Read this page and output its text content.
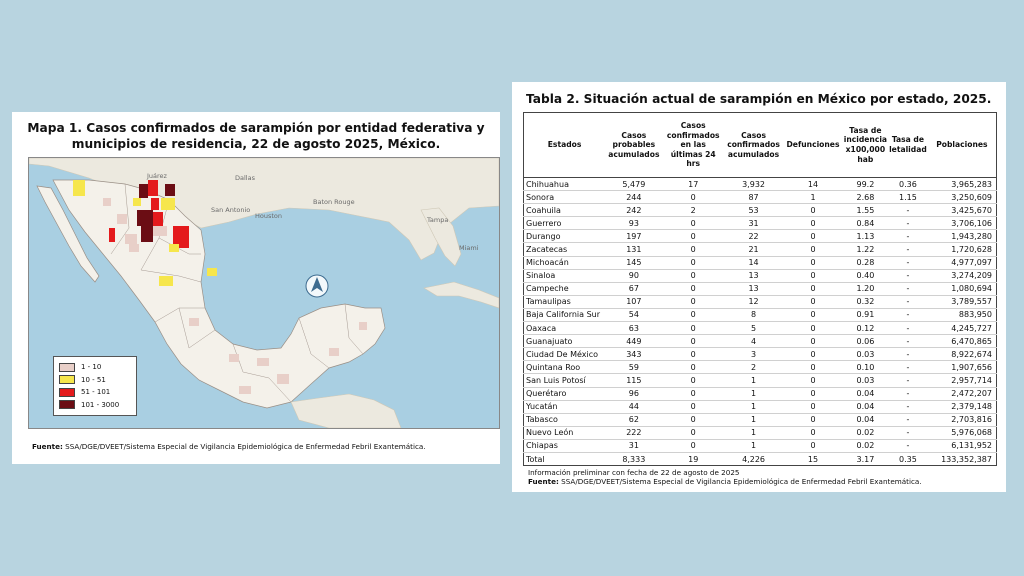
Mapa 1. Casos confirmados de sarampión por entidad federativa y
municipios de residencia, 22 de agosto 2025, México.
Baton Rouge
Houston
San Antonio
Dallas
Juárez
Tampa
Miami
1 - 10
10 - 51
51 - 101
101 - 3000
Fuente: SSA/DGE/DVEET/Sistema Especial de Vigilancia Epidemiológica de Enfermedad Febril Exantemática.
Tabla 2. Situación actual de sarampión en México por estado, 2025.
Estados	Casos probables acumulados	Casos confirmados en las últimas 24 hrs	Casos confirmados acumulados	Defunciones	Tasa de incidencia x100,000 hab	Tasa de letalidad	Poblaciones
Chihuahua	5,479	17	3,932	14	99.2	0.36	3,965,283
Sonora	244	0	87	1	2.68	1.15	3,250,609
Coahuila	242	2	53	0	1.55	-	3,425,670
Guerrero	93	0	31	0	0.84	-	3,706,106
Durango	197	0	22	0	1.13	-	1,943,280
Zacatecas	131	0	21	0	1.22	-	1,720,628
Michoacán	145	0	14	0	0.28	-	4,977,097
Sinaloa	90	0	13	0	0.40	-	3,274,209
Campeche	67	0	13	0	1.20	-	1,080,694
Tamaulipas	107	0	12	0	0.32	-	3,789,557
Baja California Sur	54	0	8	0	0.91	-	883,950
Oaxaca	63	0	5	0	0.12	-	4,245,727
Guanajuato	449	0	4	0	0.06	-	6,470,865
Ciudad De México	343	0	3	0	0.03	-	8,922,674
Quintana Roo	59	0	2	0	0.10	-	1,907,656
San Luis Potosí	115	0	1	0	0.03	-	2,957,714
Querétaro	96	0	1	0	0.04	-	2,472,207
Yucatán	44	0	1	0	0.04	-	2,379,148
Tabasco	62	0	1	0	0.04	-	2,703,816
Nuevo León	222	0	1	0	0.02	-	5,976,068
Chiapas	31	0	1	0	0.02	-	6,131,952
Total	8,333	19	4,226	15	3.17	0.35	133,352,387
Información preliminar con fecha de 22 de agosto de 2025
Fuente: SSA/DGE/DVEET/Sistema Especial de Vigilancia Epidemiológica de Enfermedad Febril Exantemática.
